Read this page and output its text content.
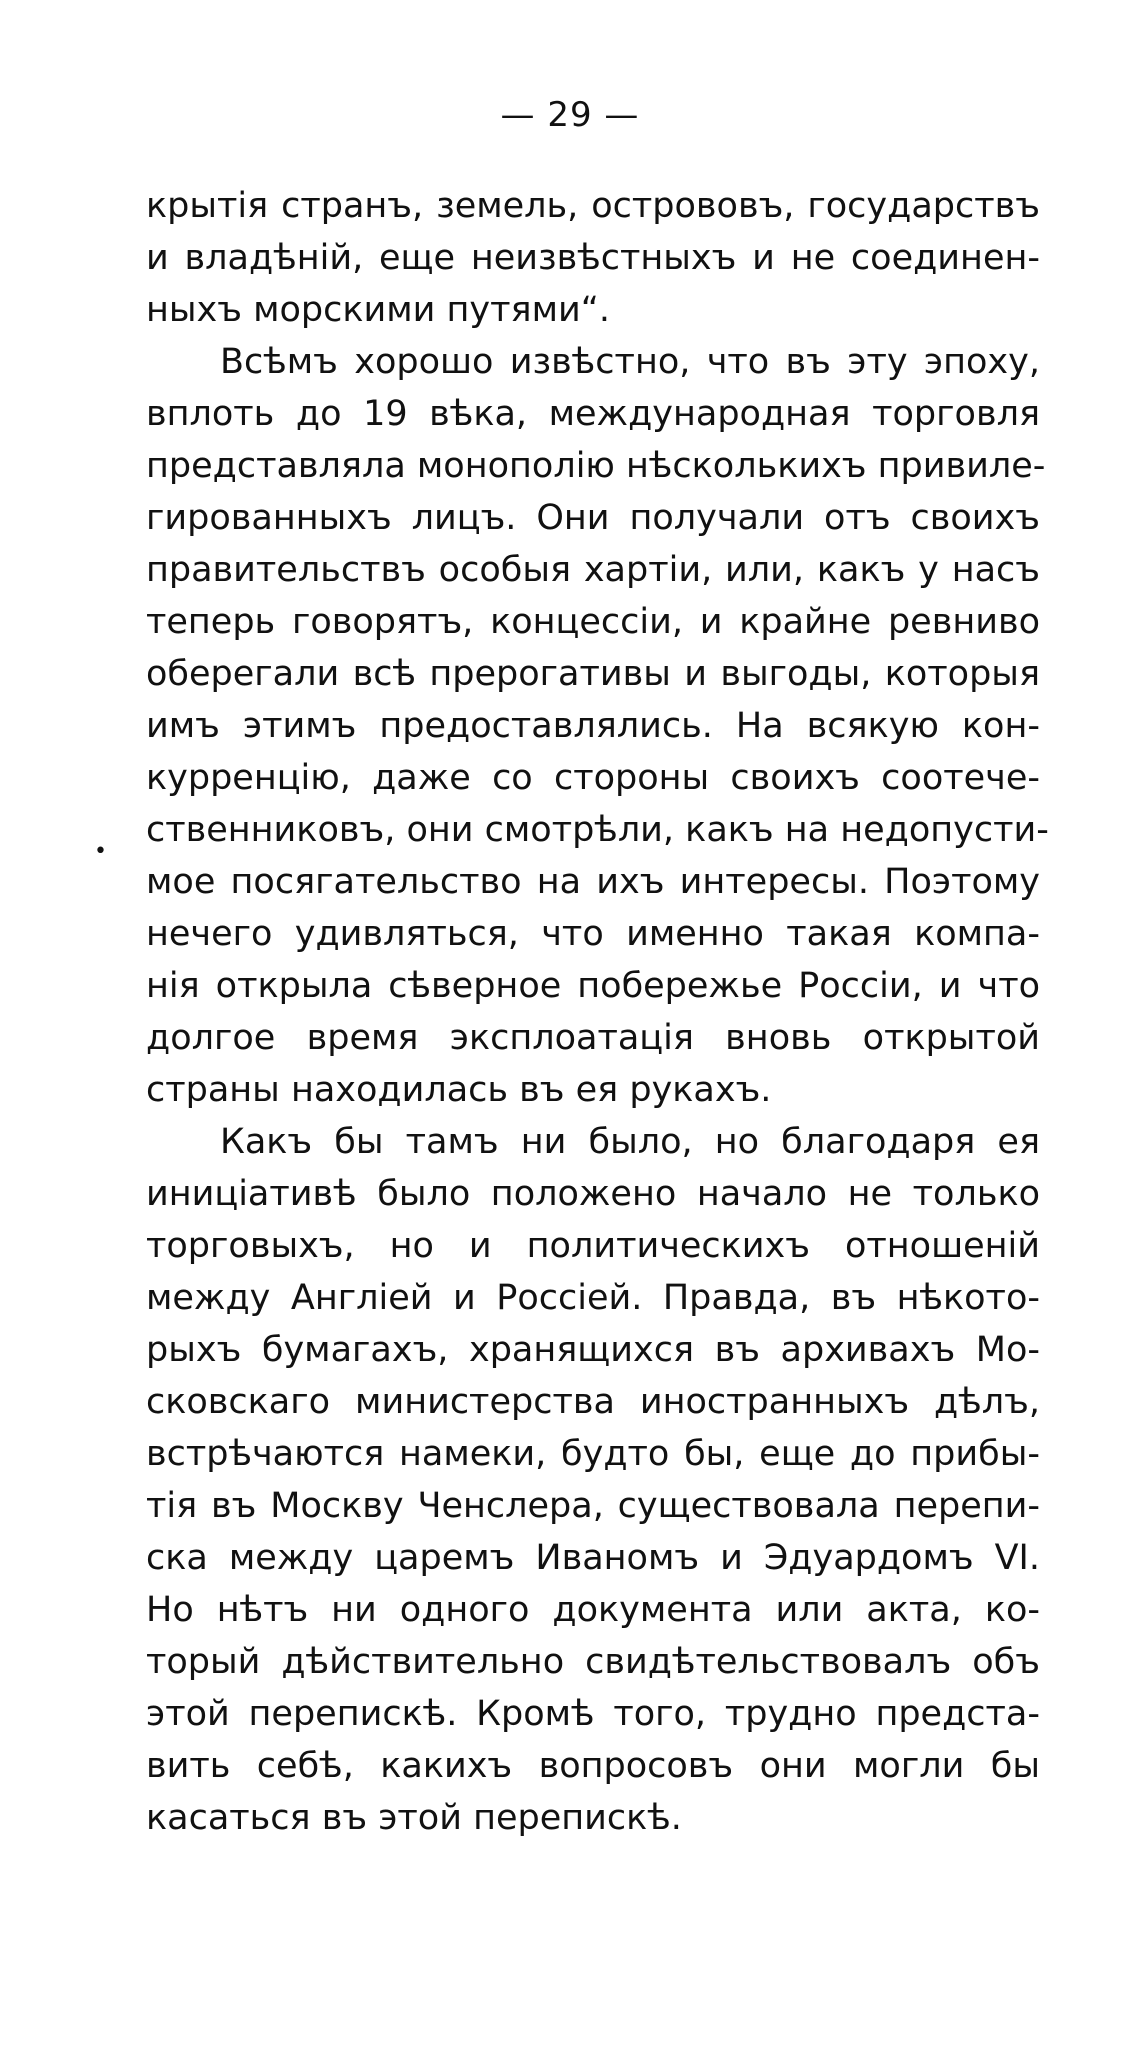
— 29 —
•
крытія странъ, земель, острововъ, государствъ
и владѣній, еще неизвѣстныхъ и не соединен-
ныхъ морскими путями“.
Всѣмъ хорошо извѣстно, что въ эту эпоху,
вплоть до 19 вѣка, международная торговля
представляла монополію нѣсколькихъ привиле-
гированныхъ лицъ. Они получали отъ своихъ
правительствъ особыя хартіи, или, какъ у насъ
теперь говорятъ, концессіи, и крайне ревниво
оберегали всѣ прерогативы и выгоды, которыя
имъ этимъ предоставлялись. На всякую кон-
курренцію, даже со стороны своихъ соотече-
ственниковъ, они смотрѣли, какъ на недопусти-
мое посягательство на ихъ интересы. Поэтому
нечего удивляться, что именно такая компа-
нія открыла сѣверное побережье Россіи, и что
долгое время эксплоатація вновь открытой
страны находилась въ ея рукахъ.
Какъ бы тамъ ни было, но благодаря ея
иниціативѣ было положено начало не только
торговыхъ, но и политическихъ отношеній
между Англіей и Россіей. Правда, въ нѣкото-
рыхъ бумагахъ, хранящихся въ архивахъ Мо-
сковскаго министерства иностранныхъ дѣлъ,
встрѣчаются намеки, будто бы, еще до прибы-
тія въ Москву Ченслера, существовала перепи-
ска между царемъ Иваномъ и Эдуардомъ VI.
Но нѣтъ ни одного документа или акта, ко-
торый дѣйствительно свидѣтельствовалъ объ
этой перепискѣ. Кромѣ того, трудно предста-
вить себѣ, какихъ вопросовъ они могли бы
касаться въ этой перепискѣ.
